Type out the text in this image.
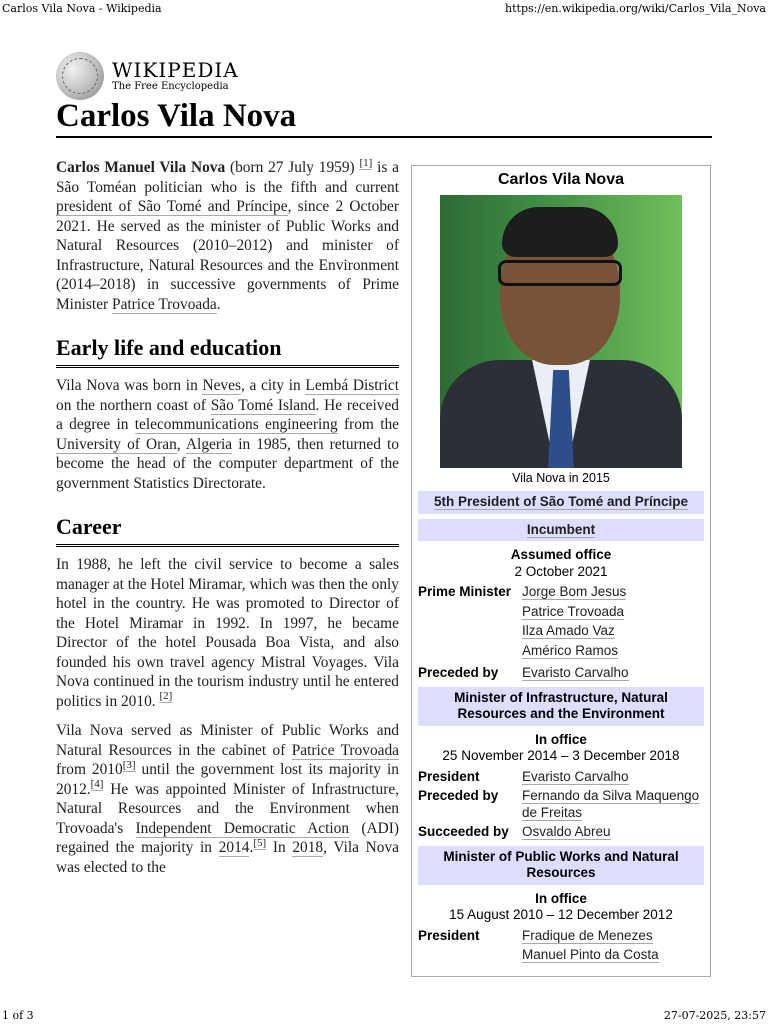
Carlos Vila Nova - Wikipedia	https://en.wikipedia.org/wiki/Carlos_Vila_Nova
WIKIPEDIA
The Free Encyclopedia
Carlos Vila Nova

Carlos Manuel Vila Nova (born 27 July 1959) [1] is a São Toméan politician who is the fifth and current president of São Tomé and Príncipe, since 2 October 2021. He served as the minister of Public Works and Natural Resources (2010–2012) and minister of Infrastructure, Natural Resources and the Environment (2014–2018) in successive governments of Prime Minister Patrice Trovoada.

Early life and education

Vila Nova was born in Neves, a city in Lembá District on the northern coast of São Tomé Island. He received a degree in telecommunications engineering from the University of Oran, Algeria in 1985, then returned to become the head of the computer department of the government Statistics Directorate.

Career

In 1988, he left the civil service to become a sales manager at the Hotel Miramar, which was then the only hotel in the country. He was promoted to Director of the Hotel Miramar in 1992. In 1997, he became Director of the hotel Pousada Boa Vista, and also founded his own travel agency Mistral Voyages. Vila Nova continued in the tourism industry until he entered politics in 2010. [2]

Vila Nova served as Minister of Public Works and Natural Resources in the cabinet of Patrice Trovoada from 2010[3] until the government lost its majority in 2012.[4] He was appointed Minister of Infrastructure, Natural Resources and the Environment when Trovoada's Independent Democratic Action (ADI) regained the majority in 2014.[5] In 2018, Vila Nova was elected to the

Carlos Vila Nova
Vila Nova in 2015
5th President of São Tomé and Príncipe
Incumbent
Assumed office
2 October 2021
Prime Minister Jorge Bom Jesus
Patrice Trovoada
Ilza Amado Vaz
Américo Ramos
Preceded by	Evaristo Carvalho
Minister of Infrastructure, Natural Resources and the Environment
In office
25 November 2014 – 3 December 2018
President	Evaristo Carvalho
Preceded by	Fernando da Silva Maquengo de Freitas
Succeeded by Osvaldo Abreu
Minister of Public Works and Natural Resources
In office
15 August 2010 – 12 December 2012
President	Fradique de Menezes
Manuel Pinto da Costa
1 of 3	27-07-2025, 23:57
